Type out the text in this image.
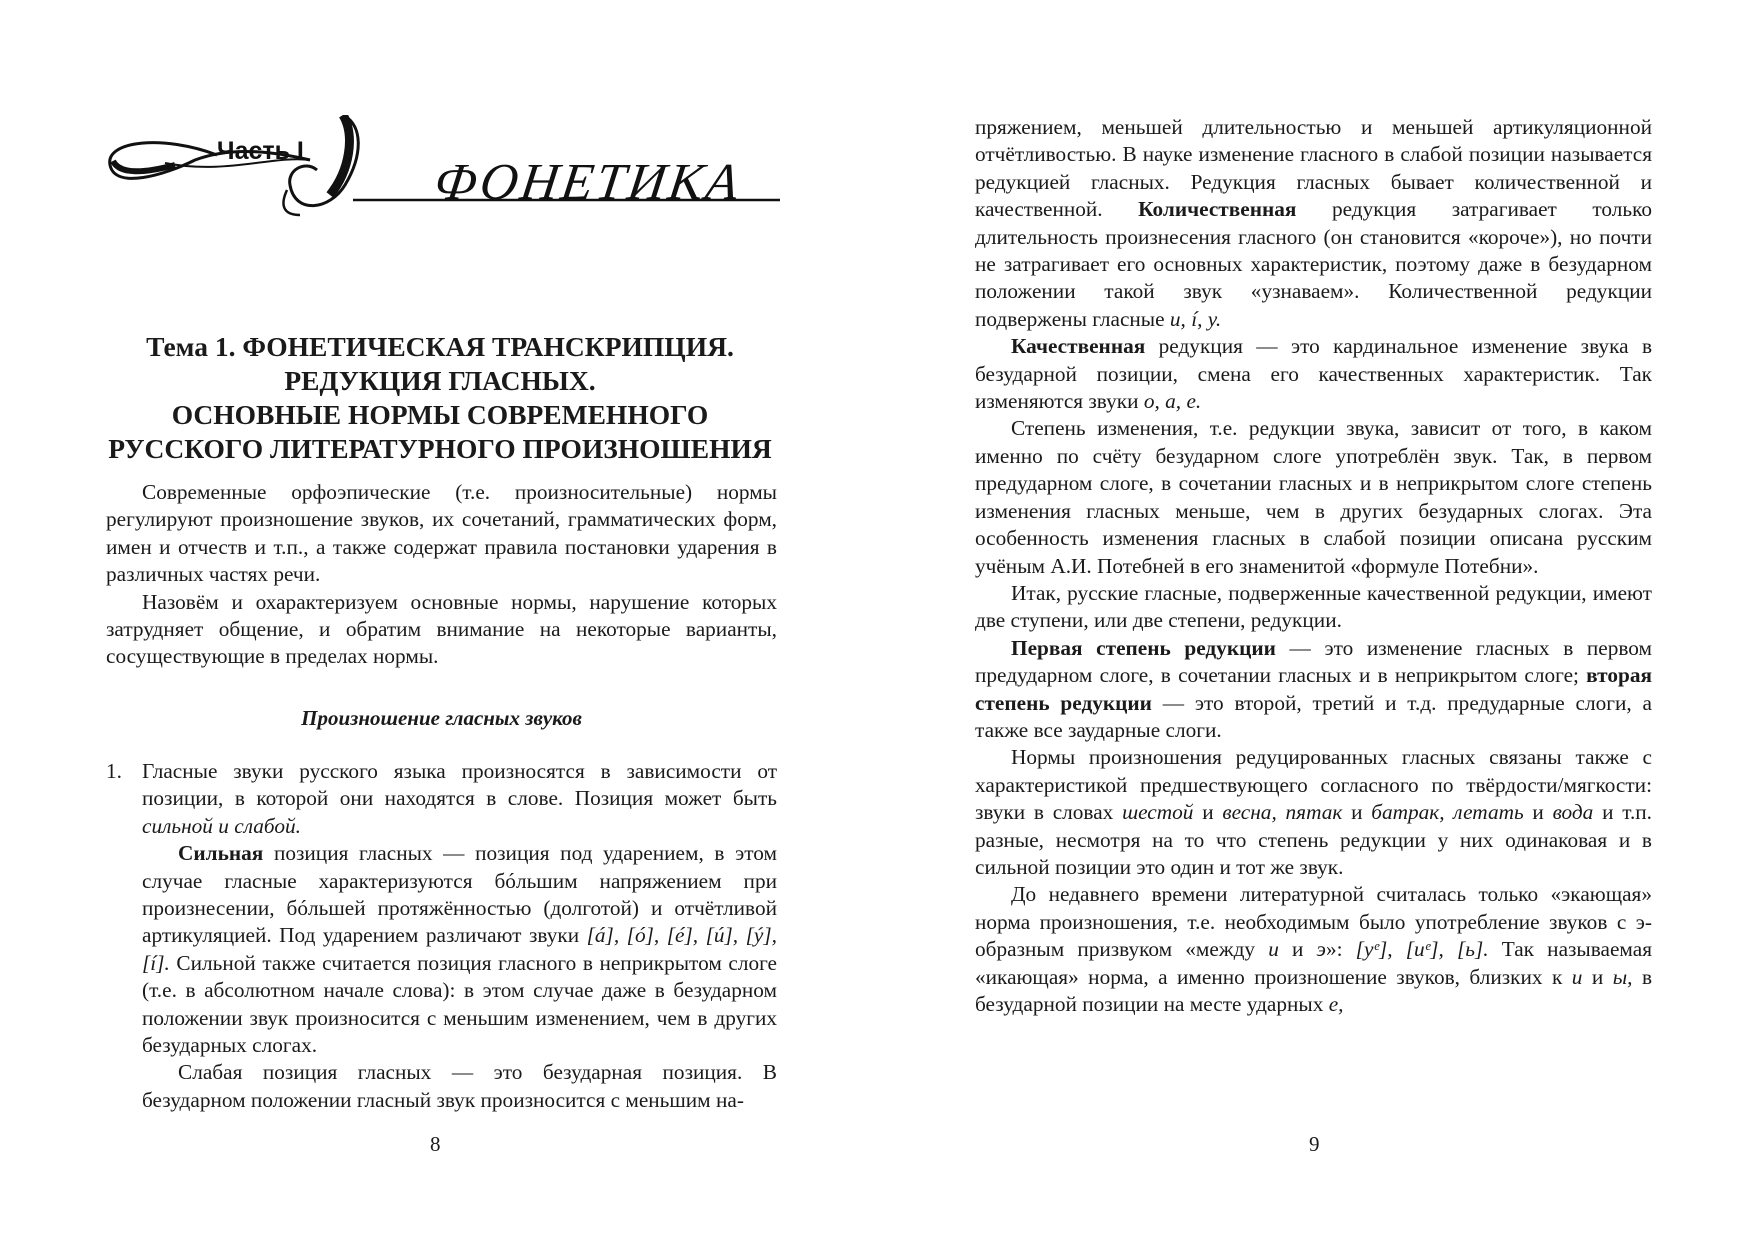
Часть I
ФОНЕТИКА
Тема 1. ФОНЕТИЧЕСКАЯ ТРАНСКРИПЦИЯ.
РЕДУКЦИЯ ГЛАСНЫХ.
ОСНОВНЫЕ НОРМЫ СОВРЕМЕННОГО
РУССКОГО ЛИТЕРАТУРНОГО ПРОИЗНОШЕНИЯ

Современные орфоэпические (т.е. произносительные) нормы регулируют произношение звуков, их сочетаний, грамматических форм, имен и отчеств и т.п., а также содержат правила постановки ударения в различных частях речи.

Назовём и охарактеризуем основные нормы, нарушение которых затрудняет общение, и обратим внимание на некоторые варианты, сосуществующие в пределах нормы.

Произношение гласных звуков
1. Гласные звуки русского языка произносятся в зависимости от позиции, в которой они находятся в слове. Позиция может быть сильной и слабой.

Сильная позиция гласных — позиция под ударением, в этом случае гласные характеризуются бóльшим напряжением при произнесении, бóльшей протяжённостью (долготой) и отчётливой артикуляцией. Под ударением различают звуки [á], [ó], [é], [ú], [ý], [í]. Сильной также считается позиция гласного в неприкрытом слоге (т.е. в абсолютном начале слова): в этом случае даже в безударном положении звук произносится с меньшим изменением, чем в других безударных слогах.

Слабая позиция гласных — это безударная позиция. В безударном положении гласный звук произносится с меньшим на-

8

пряжением, меньшей длительностью и меньшей артикуляционной отчётливостью. В науке изменение гласного в слабой позиции называется редукцией гласных. Редукция гласных бывает количественной и качественной. Количественная редукция затрагивает только длительность произнесения гласного (он становится «короче»), но почти не затрагивает его основных характеристик, поэтому даже в безударном положении такой звук «узнаваем». Количественной редукции подвержены гласные и, í, у.

Качественная редукция — это кардинальное изменение звука в безударной позиции, смена его качественных характеристик. Так изменяются звуки о, а, е.

Степень изменения, т.е. редукции звука, зависит от того, в каком именно по счёту безударном слоге употреблён звук. Так, в первом предударном слоге, в сочетании гласных и в неприкрытом слоге степень изменения гласных меньше, чем в других безударных слогах. Эта особенность изменения гласных в слабой позиции описана русским учёным А.И. Потебней в его знаменитой «формуле Потебни».

Итак, русские гласные, подверженные качественной редукции, имеют две ступени, или две степени, редукции.

Первая степень редукции — это изменение гласных в первом предударном слоге, в сочетании гласных и в неприкрытом слоге; вторая степень редукции — это второй, третий и т.д. предударные слоги, а также все заударные слоги.

Нормы произношения редуцированных гласных связаны также с характеристикой предшествующего согласного по твёрдости/мягкости: звуки в словах шестой и весна, пятак и батрак, летать и вода и т.п. разные, несмотря на то что степень редукции у них одинаковая и в сильной позиции это один и тот же звук.

До недавнего времени литературной считалась только «экающая» норма произношения, т.е. необходимым было употребление звуков с э-образным призвуком «между и и э»: [уᵉ], [иᵉ], [ь]. Так называемая «икающая» норма, а именно произношение звуков, близких к и и ы, в безударной позиции на месте ударных е,

9
